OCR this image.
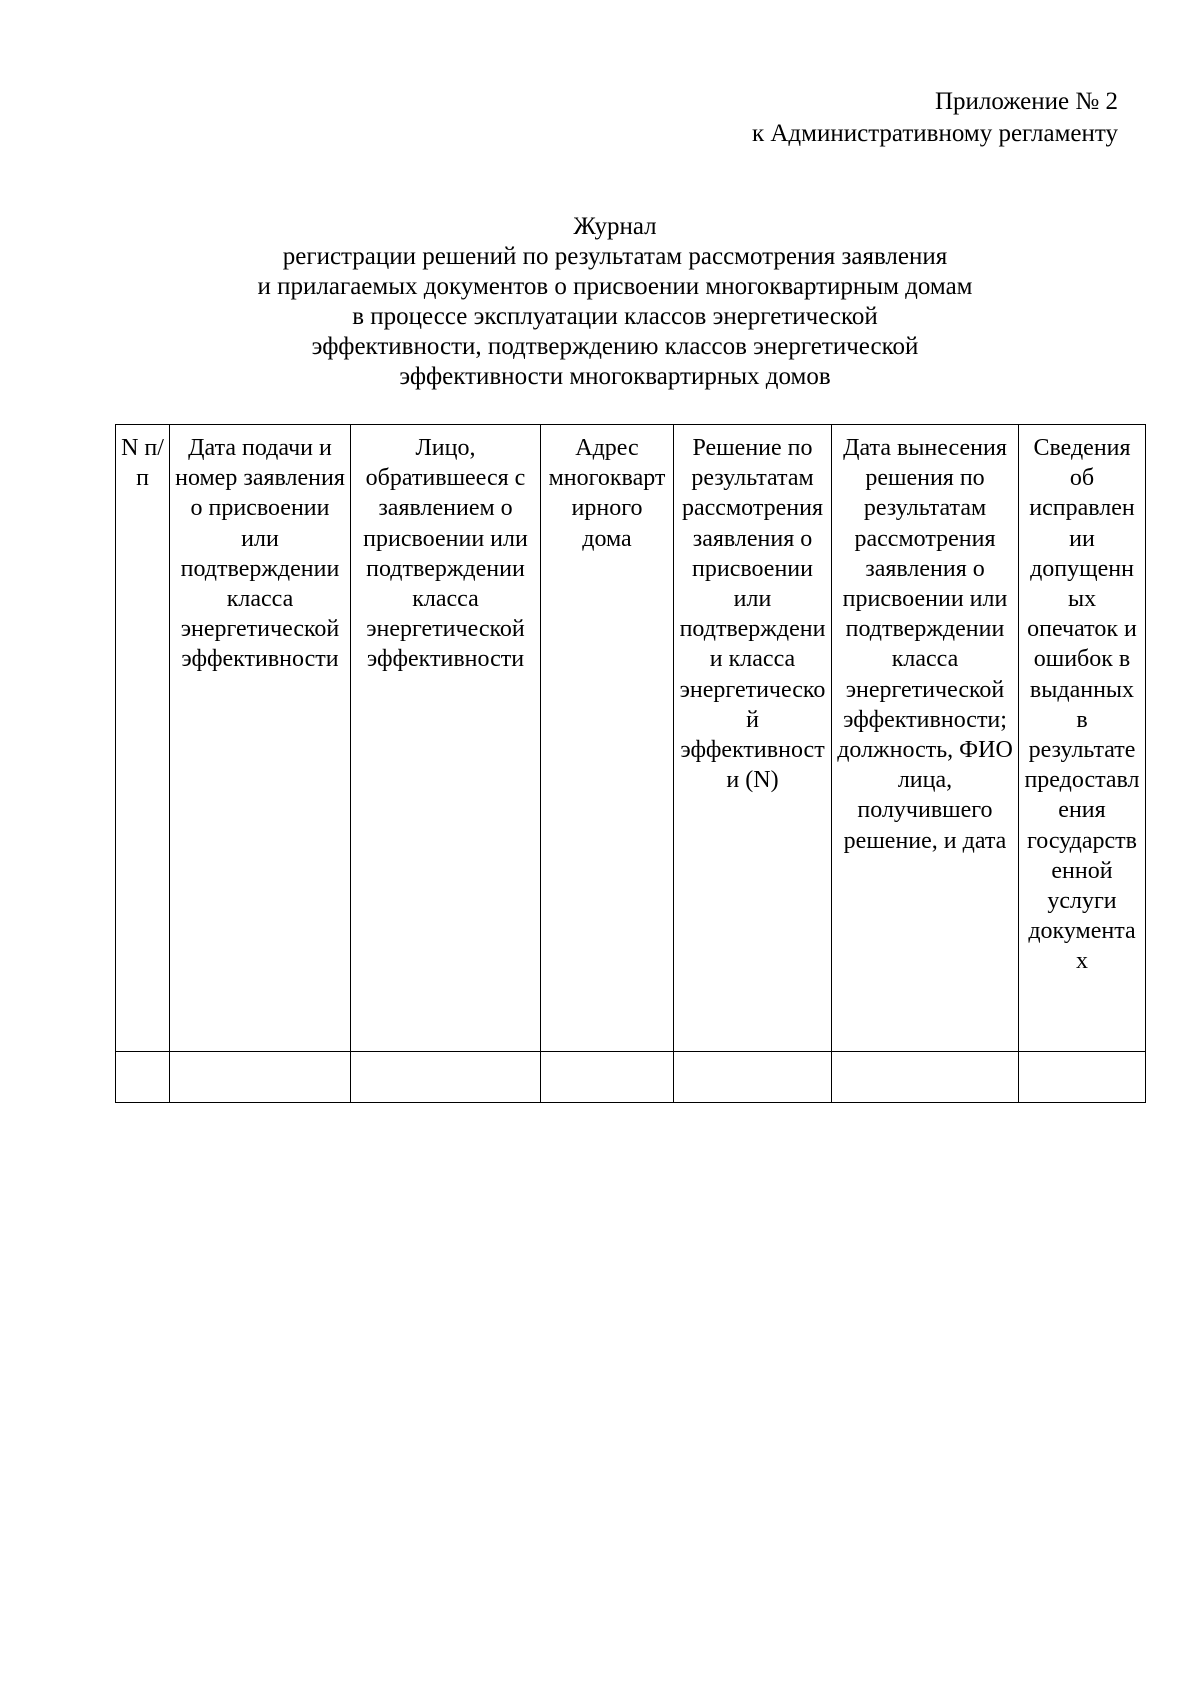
Приложение № 2
к Административному регламенту
Журнал
регистрации решений по результатам рассмотрения заявления
и прилагаемых документов о присвоении многоквартирным домам
в процессе эксплуатации классов энергетической
эффективности, подтверждению классов энергетической
эффективности многоквартирных домов
N п/п	Дата подачи и номер заявления о присвоении или подтверждении класса энергетической эффективности	Лицо, обратившееся с заявлением о присвоении или подтверждении класса энергетической эффективности	Адрес многоквартирного дома	Решение по результатам рассмотрения заявления о присвоении или подтверждении класса энергетической эффективности (N)	Дата вынесения решения по результатам рассмотрения заявления о присвоении или подтверждении класса энергетической эффективности; должность, ФИО лица, получившего решение, и дата	Сведения об исправлении допущенных опечаток и ошибок в выданных в результате предоставления государственной услуги документах
